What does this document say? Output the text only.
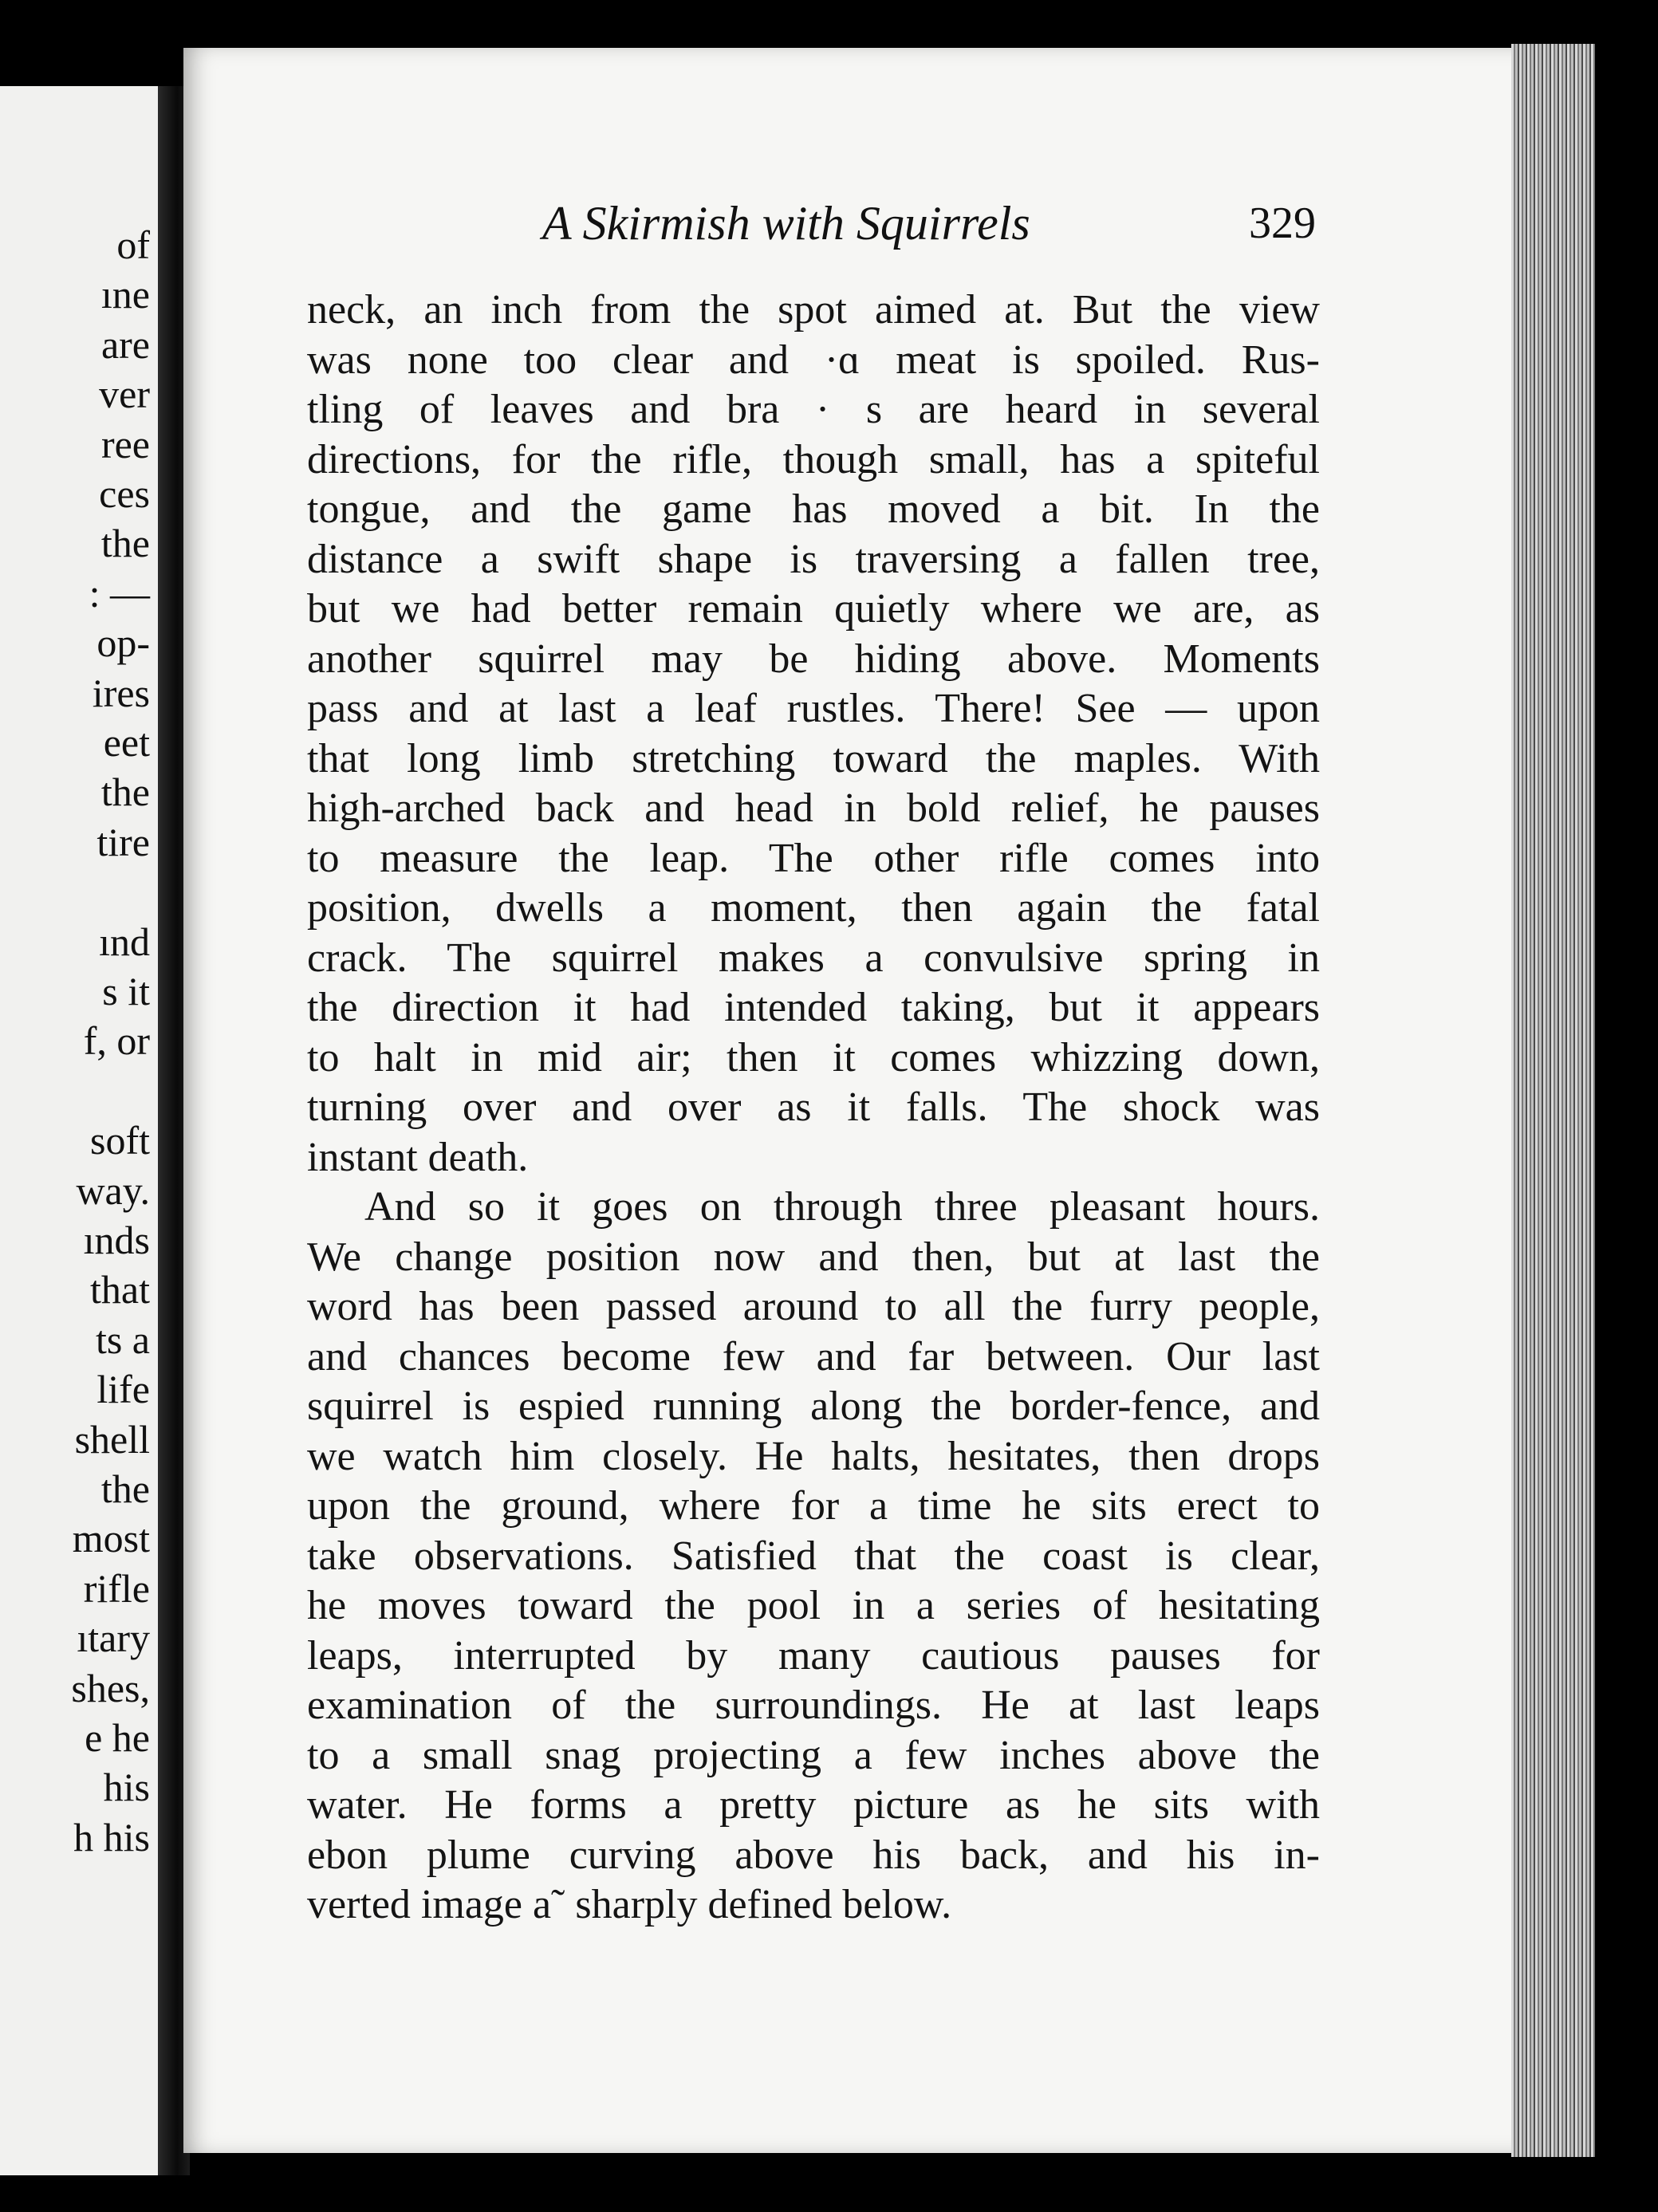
of
ıne
are
ver
ree
ces
the
: —
op-
ires
eet
the
tire
ınd
s it
f, or
soft
way.
ınds
that
ts a
life
shell
the
most
rifle
ıtary
shes,
e he
his
h his
A Skirmish with Squirrels	329
neck, an inch from the spot aimed at. But the view
was none too clear and ·ɑ meat is spoiled. Rus-
tling of leaves and bra · s are heard in several
directions, for the rifle, though small, has a spiteful
tongue, and the game has moved a bit. In the
distance a swift shape is traversing a fallen tree,
but we had better remain quietly where we are, as
another squirrel may be hiding above. Moments
pass and at last a leaf rustles. There! See — upon
that long limb stretching toward the maples. With
high-arched back and head in bold relief, he pauses
to measure the leap. The other rifle comes into
position, dwells a moment, then again the fatal
crack. The squirrel makes a convulsive spring in
the direction it had intended taking, but it appears
to halt in mid air; then it comes whizzing down,
turning over and over as it falls. The shock was
instant death.
And so it goes on through three pleasant hours.
We change position now and then, but at last the
word has been passed around to all the furry people,
and chances become few and far between. Our last
squirrel is espied running along the border-fence, and
we watch him closely. He halts, hesitates, then drops
upon the ground, where for a time he sits erect to
take observations. Satisfied that the coast is clear,
he moves toward the pool in a series of hesitating
leaps, interrupted by many cautious pauses for
examination of the surroundings. He at last leaps
to a small snag projecting a few inches above the
water. He forms a pretty picture as he sits with
ebon plume curving above his back, and his in-
verted image a˜ sharply defined below.
